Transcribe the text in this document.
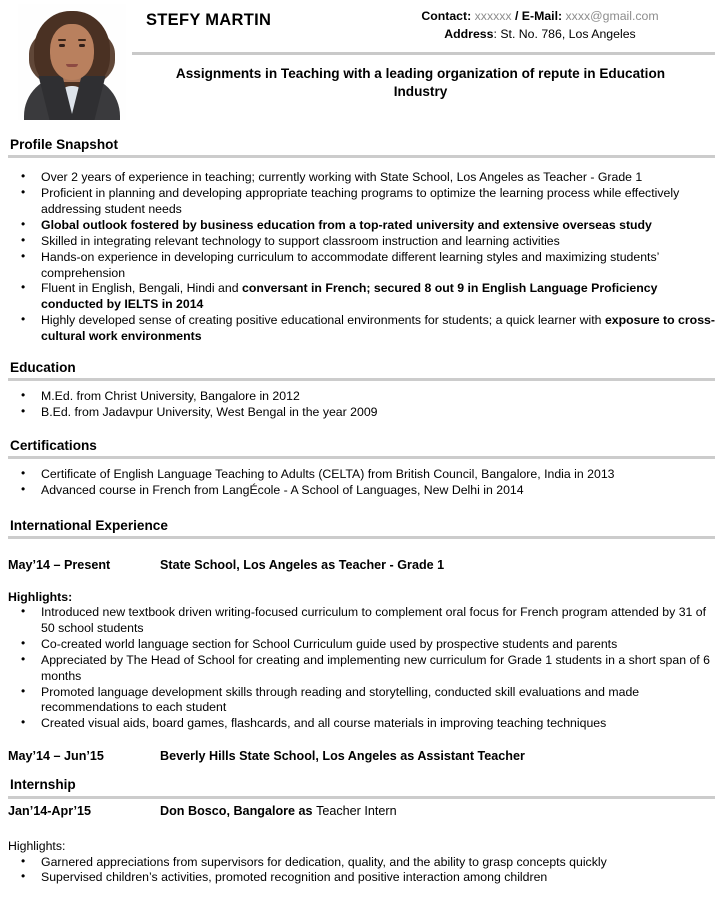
STEFY MARTIN	Contact: xxxxxx / E-Mail: xxxx@gmail.com
Address: St. No. 786, Los Angeles
Assignments in Teaching with a leading organization of repute in Education Industry
Profile Snapshot
• Over 2 years of experience in teaching; currently working with State School, Los Angeles as Teacher - Grade 1
• Proficient in planning and developing appropriate teaching programs to optimize the learning process while effectively addressing student needs
• Global outlook fostered by business education from a top-rated university and extensive overseas study
• Skilled in integrating relevant technology to support classroom instruction and learning activities
• Hands-on experience in developing curriculum to accommodate different learning styles and maximizing students’ comprehension
• Fluent in English, Bengali, Hindi and conversant in French; secured 8 out 9 in English Language Proficiency conducted by IELTS in 2014
• Highly developed sense of creating positive educational environments for students; a quick learner with exposure to cross-cultural work environments
Education
• M.Ed. from Christ University, Bangalore in 2012
• B.Ed. from Jadavpur University, West Bengal in the year 2009
Certifications
• Certificate of English Language Teaching to Adults (CELTA) from British Council, Bangalore, India in 2013
• Advanced course in French from LangÉcole - A School of Languages, New Delhi in 2014
International Experience
May’14 – Present	State School, Los Angeles as Teacher - Grade 1
Highlights:
• Introduced new textbook driven writing-focused curriculum to complement oral focus for French program attended by 31 of 50 school students
• Co-created world language section for School Curriculum guide used by prospective students and parents
• Appreciated by The Head of School for creating and implementing new curriculum for Grade 1 students in a short span of 6 months
• Promoted language development skills through reading and storytelling, conducted skill evaluations and made recommendations to each student
• Created visual aids, board games, flashcards, and all course materials in improving teaching techniques
May’14 – Jun’15	Beverly Hills State School, Los Angeles as Assistant Teacher
Internship
Jan’14-Apr’15	Don Bosco, Bangalore as Teacher Intern
Highlights:
• Garnered appreciations from supervisors for dedication, quality, and the ability to grasp concepts quickly
• Supervised children’s activities, promoted recognition and positive interaction among children
